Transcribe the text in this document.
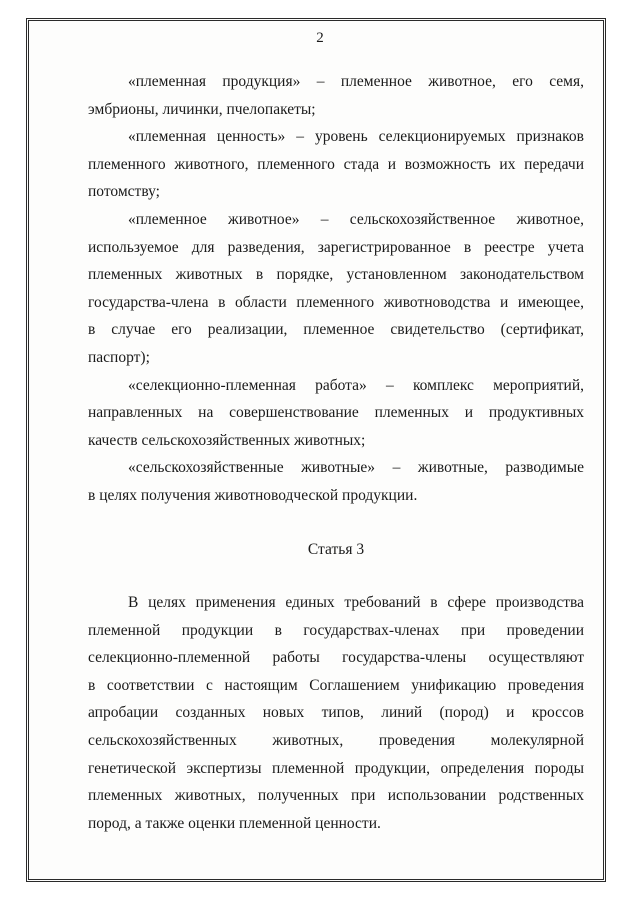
2
«племенная продукция» – племенное животное, его семя,
эмбрионы, личинки, пчелопакеты;
«племенная ценность» – уровень селекционируемых признаков
племенного животного, племенного стада и возможность их передачи
потомству;
«племенное животное» – сельскохозяйственное животное,
используемое для разведения, зарегистрированное в реестре учета
племенных животных в порядке, установленном законодательством
государства-члена в области племенного животноводства и имеющее,
в случае его реализации, племенное свидетельство (сертификат,
паспорт);
«селекционно-племенная работа» – комплекс мероприятий,
направленных на совершенствование племенных и продуктивных
качеств сельскохозяйственных животных;
«сельскохозяйственные животные» – животные, разводимые
в целях получения животноводческой продукции.

Статья 3

В целях применения единых требований в сфере производства
племенной продукции в государствах-членах при проведении
селекционно-племенной работы государства-члены осуществляют
в соответствии с настоящим Соглашением унификацию проведения
апробации созданных новых типов, линий (пород) и кроссов
сельскохозяйственных животных, проведения молекулярной
генетической экспертизы племенной продукции, определения породы
племенных животных, полученных при использовании родственных
пород, а также оценки племенной ценности.
